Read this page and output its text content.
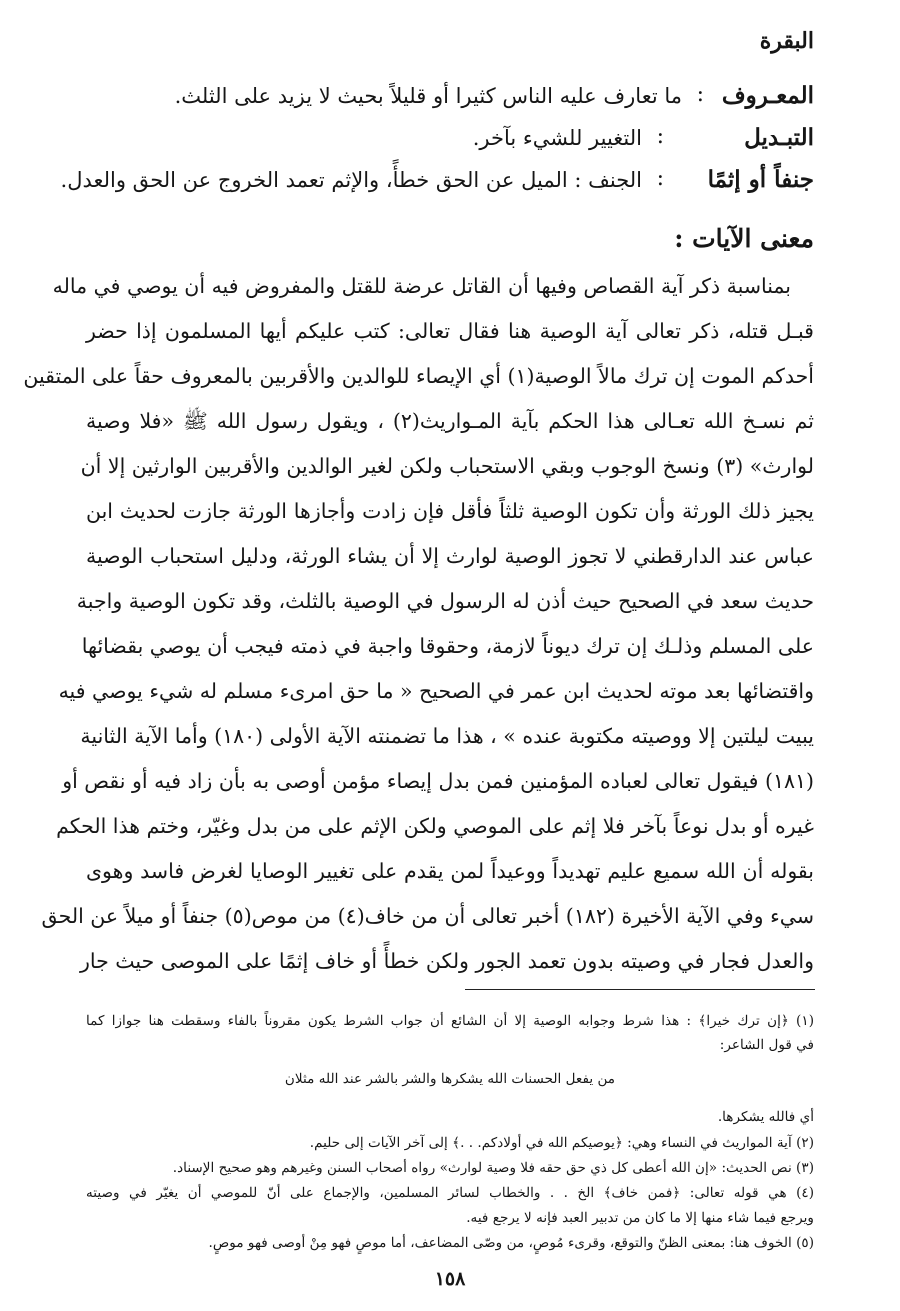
البقرة
المعـروف
:
ما تعارف عليه الناس كثيرا أو قليلاً بحيث لا يزيد على الثلث.
التبـديل
:
التغيير للشيء بآخر.
جنفاً أو إثمًا
:
الجنف : الميل عن الحق خطأً، والإثم تعمد الخروج عن الحق والعدل.
معنى الآيات :
بمناسبة ذكر آية القصاص وفيها أن القاتل عرضة للقتل والمفروض فيه أن يوصي في ماله
قبـل قتله، ذكر تعالى آية الوصية هنا فقال تعالى: كتب عليكم أيها المسلمون إذا حضر
أحدكم الموت إن ترك مالاً الوصية(١) أي الإيصاء للوالدين والأقربين بالمعروف حقاً على المتقين
ثم نسـخ الله تعـالى هذا الحكم بآية المـواريث(٢) ، ويقول رسول الله ﷺ «فلا وصية
لوارث» (٣) ونسخ الوجوب وبقي الاستحباب ولكن لغير الوالدين والأقربين الوارثين إلا أن
يجيز ذلك الورثة وأن تكون الوصية ثلثاً فأقل فإن زادت وأجازها الورثة جازت لحديث ابن
عباس عند الدارقطني لا تجوز الوصية لوارث إلا أن يشاء الورثة، ودليل استحباب الوصية
حديث سعد في الصحيح حيث أذن له الرسول في الوصية بالثلث، وقد تكون الوصية واجبة
على المسلم وذلـك إن ترك ديوناً لازمة، وحقوقا واجبة في ذمته فيجب أن يوصي بقضائها
واقتضائها بعد موته لحديث ابن عمر في الصحيح « ما حق امرىء مسلم له شيء يوصي فيه
يبيت ليلتين إلا ووصيته مكتوبة عنده » ، هذا ما تضمنته الآية الأولى (١٨٠) وأما الآية الثانية
(١٨١) فيقول تعالى لعباده المؤمنين فمن بدل إيصاء مؤمن أوصى به بأن زاد فيه أو نقص أو
غيره أو بدل نوعاً بآخر فلا إثم على الموصي ولكن الإثم على من بدل وغيّر، وختم هذا الحكم
بقوله أن الله سميع عليم تهديداً ووعيداً لمن يقدم على تغيير الوصايا لغرض فاسد وهوى
سيء وفي الآية الأخيرة (١٨٢) أخبر تعالى أن من خاف(٤) من موص(٥) جنفاً أو ميلاً عن الحق
والعدل فجار في وصيته بدون تعمد الجور ولكن خطأً أو خاف إثمًا على الموصى حيث جار
(١) ﴿إن ترك خيرا﴾ : هذا شرط وجوابه الوصية إلا أن الشائع أن جواب الشرط يكون مقروناً بالفاء وسقطت هنا جوازا كما
في قول الشاعر:
من يفعل الحسنات الله يشكرها والشر بالشر عند الله مثلان
أي فالله يشكرها.
(٢) آية المواريث في النساء وهي: ﴿يوصيكم الله في أولادكم. . .﴾ إلى آخر الآيات إلى حليم.
(٣) نص الحديث: «إن الله أعطى كل ذي حق حقه فلا وصية لوارث» رواه أصحاب السنن وغيرهم وهو صحيح الإسناد.
(٤) هي قوله تعالى: ﴿فمن خاف﴾ الخ . . والخطاب لسائر المسلمين، والإجماع على أنّ للموصي أن يغيّر في وصيته
ويرجع فيما شاء منها إلا ما كان من تدبير العبد فإنه لا يرجع فيه.
(٥) الخوف هنا: بمعنى الظنّ والتوقع، وقرىء مُوصٍ، من وصّى المضاعف، أما موصٍ فهو مِنْ أوصى فهو موصٍ.
١٥٨
